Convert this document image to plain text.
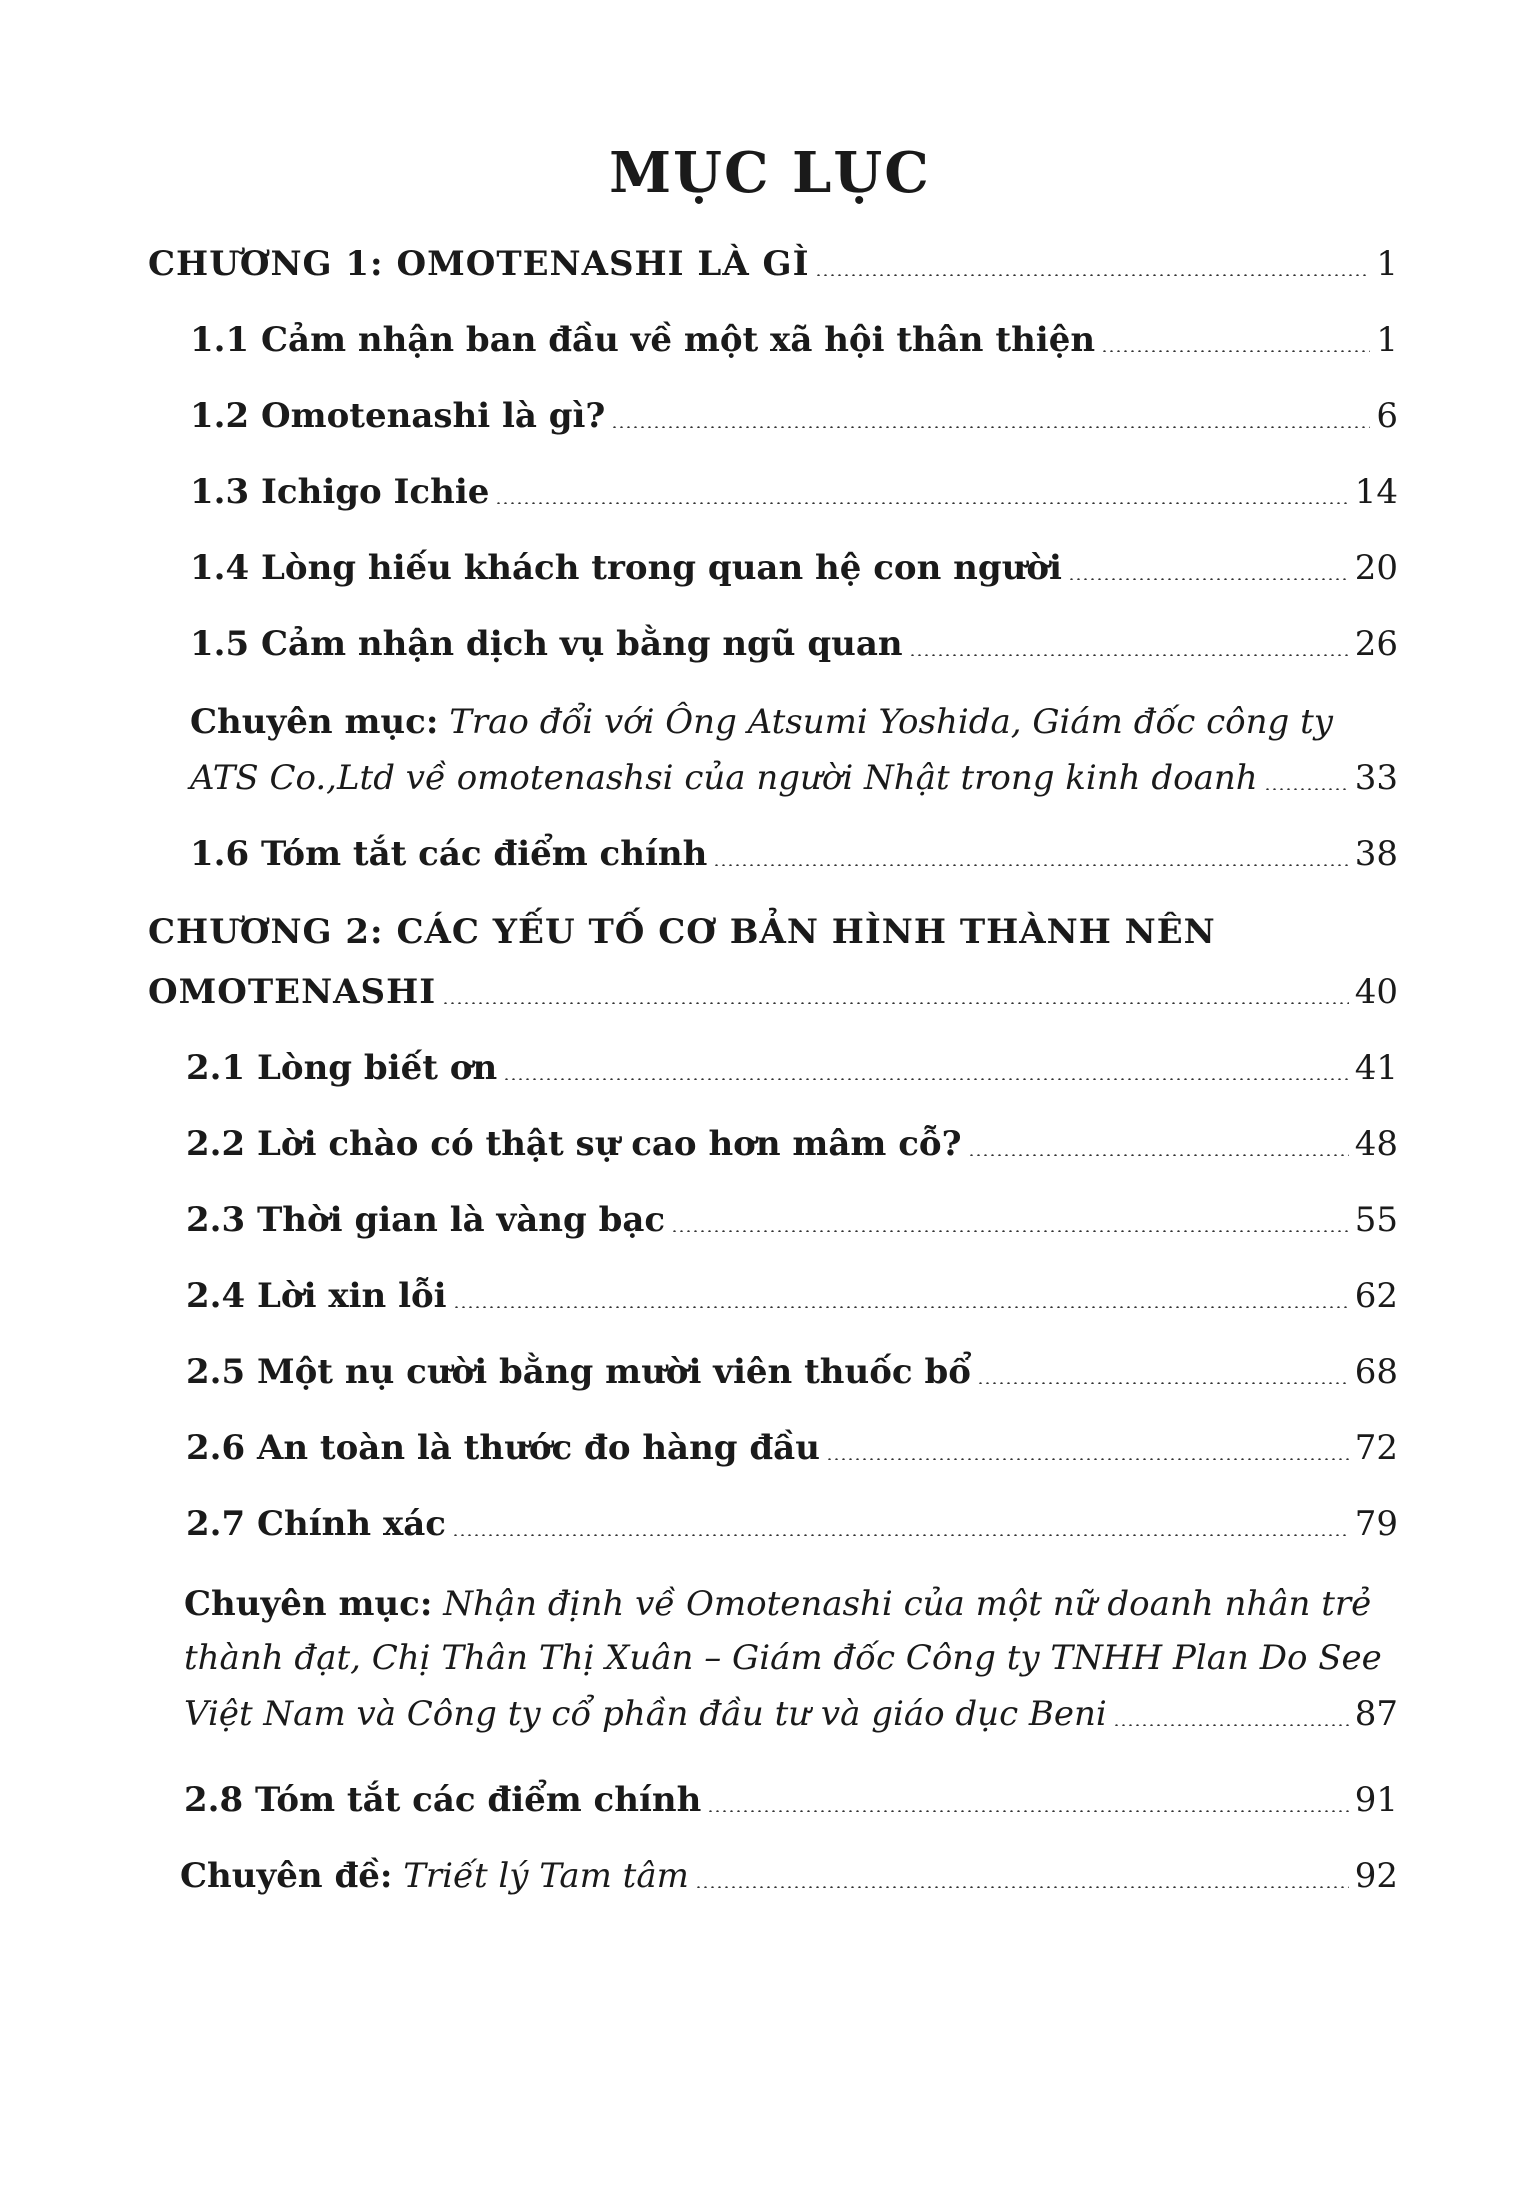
MỤC LỤC
CHƯƠNG 1: OMOTENASHI LÀ GÌ	1
1.1 Cảm nhận ban đầu về một xã hội thân thiện	1
1.2 Omotenashi là gì?	6
1.3 Ichigo Ichie	14
1.4 Lòng hiếu khách trong quan hệ con người	20
1.5 Cảm nhận dịch vụ bằng ngũ quan	26
Chuyên mục: Trao đổi với Ông Atsumi Yoshida, Giám đốc công ty
ATS Co.,Ltd về omotenashsi của người Nhật trong kinh doanh	33
1.6 Tóm tắt các điểm chính	38
CHƯƠNG 2: CÁC YẾU TỐ CƠ BẢN HÌNH THÀNH NÊN
OMOTENASHI	40
2.1 Lòng biết ơn	41
2.2 Lời chào có thật sự cao hơn mâm cỗ?	48
2.3 Thời gian là vàng bạc	55
2.4 Lời xin lỗi	62
2.5 Một nụ cười bằng mười viên thuốc bổ	68
2.6 An toàn là thước đo hàng đầu	72
2.7 Chính xác	79
Chuyên mục: Nhận định về Omotenashi của một nữ doanh nhân trẻ
thành đạt, Chị Thân Thị Xuân – Giám đốc Công ty TNHH Plan Do See
Việt Nam và Công ty cổ phần đầu tư và giáo dục Beni	87
2.8 Tóm tắt các điểm chính	91
Chuyên đề: Triết lý Tam tâm	92
